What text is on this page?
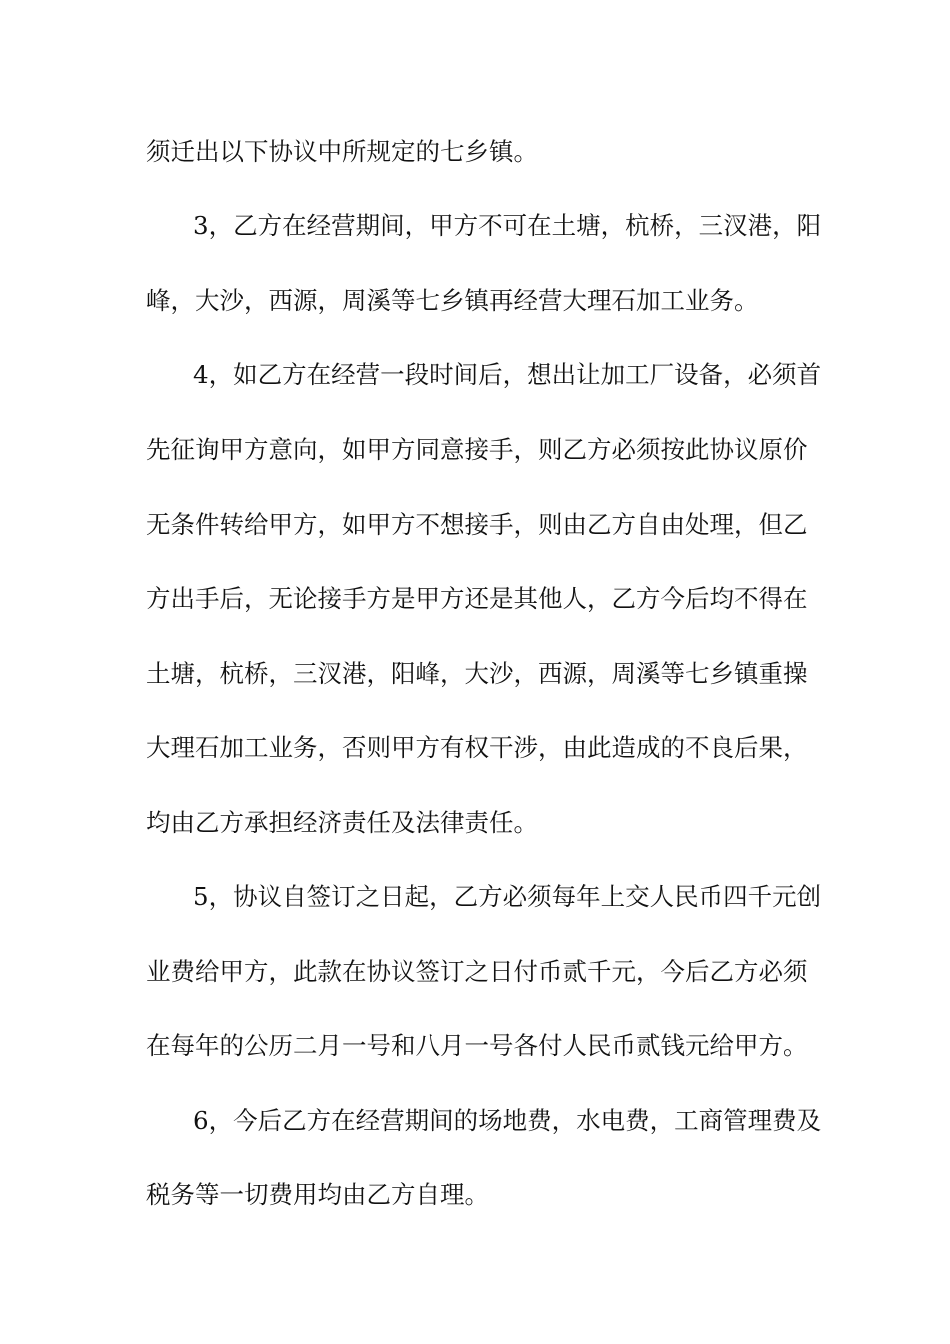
须迁出以下协议中所规定的七乡镇。
3，乙方在经营期间，甲方不可在土塘，杭桥，三汊港，阳
峰，大沙，西源，周溪等七乡镇再经营大理石加工业务。
4，如乙方在经营一段时间后，想出让加工厂设备，必须首
先征询甲方意向，如甲方同意接手，则乙方必须按此协议原价
无条件转给甲方，如甲方不想接手，则由乙方自由处理，但乙
方出手后，无论接手方是甲方还是其他人，乙方今后均不得在
土塘，杭桥，三汊港，阳峰，大沙，西源，周溪等七乡镇重操
大理石加工业务，否则甲方有权干涉，由此造成的不良后果，
均由乙方承担经济责任及法律责任。
5，协议自签订之日起，乙方必须每年上交人民币四千元创
业费给甲方，此款在协议签订之日付币贰千元，今后乙方必须
在每年的公历二月一号和八月一号各付人民币贰钱元给甲方。
6，今后乙方在经营期间的场地费，水电费，工商管理费及
税务等一切费用均由乙方自理。
